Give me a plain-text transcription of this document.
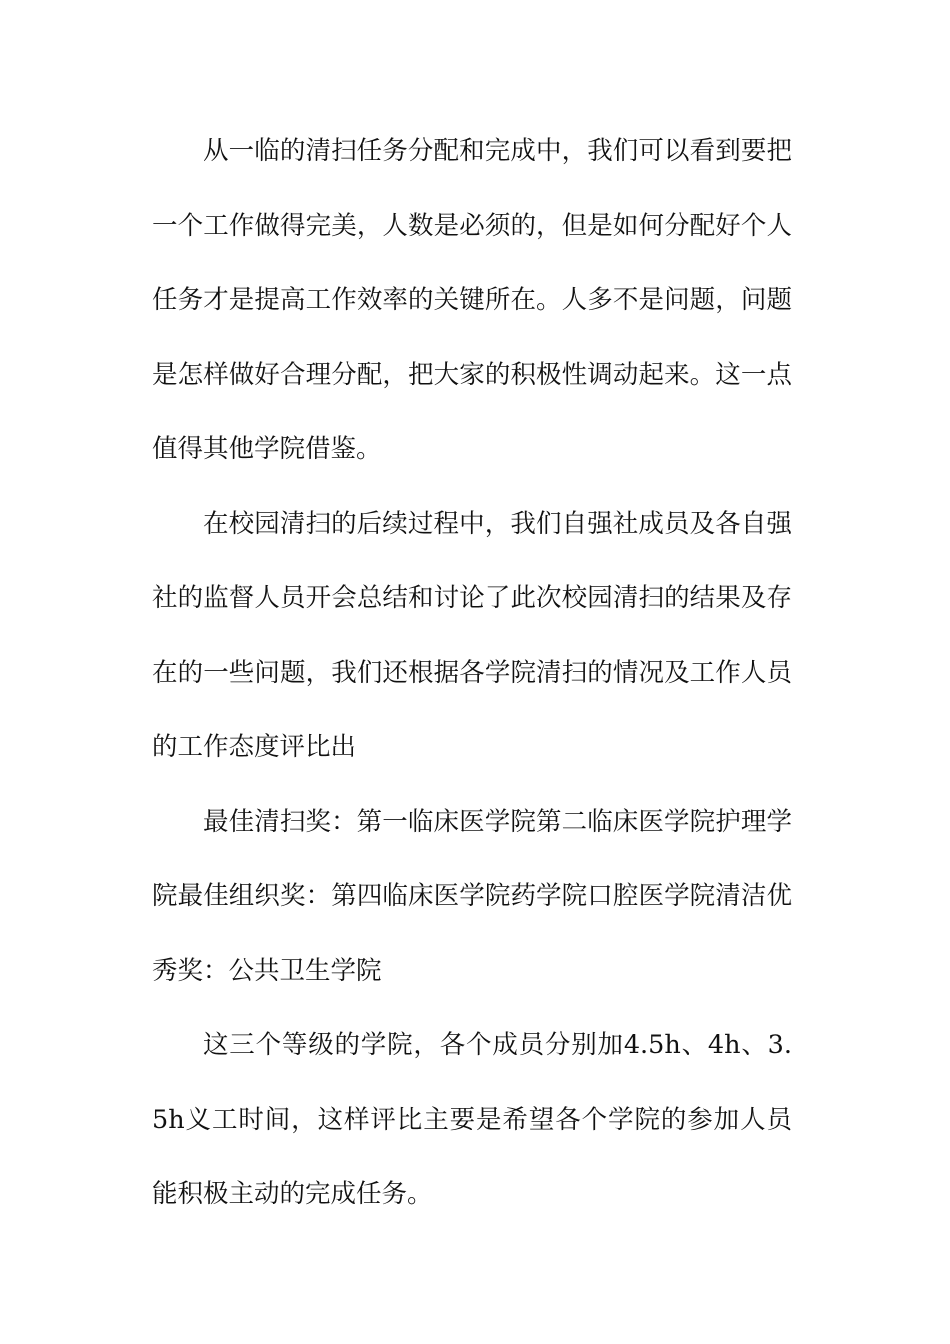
从一临的清扫任务分配和完成中，我们可以看到要把一个工作做得完美，人数是必须的，但是如何分配好个人任务才是提高工作效率的关键所在。人多不是问题，问题是怎样做好合理分配，把大家的积极性调动起来。这一点值得其他学院借鉴。

在校园清扫的后续过程中，我们自强社成员及各自强社的监督人员开会总结和讨论了此次校园清扫的结果及存在的一些问题，我们还根据各学院清扫的情况及工作人员的工作态度评比出

最佳清扫奖：第一临床医学院第二临床医学院护理学院最佳组织奖：第四临床医学院药学院口腔医学院清洁优秀奖：公共卫生学院

这三个等级的学院，各个成员分别加4.5h、4h、3.5h义工时间，这样评比主要是希望各个学院的参加人员能积极主动的完成任务。
